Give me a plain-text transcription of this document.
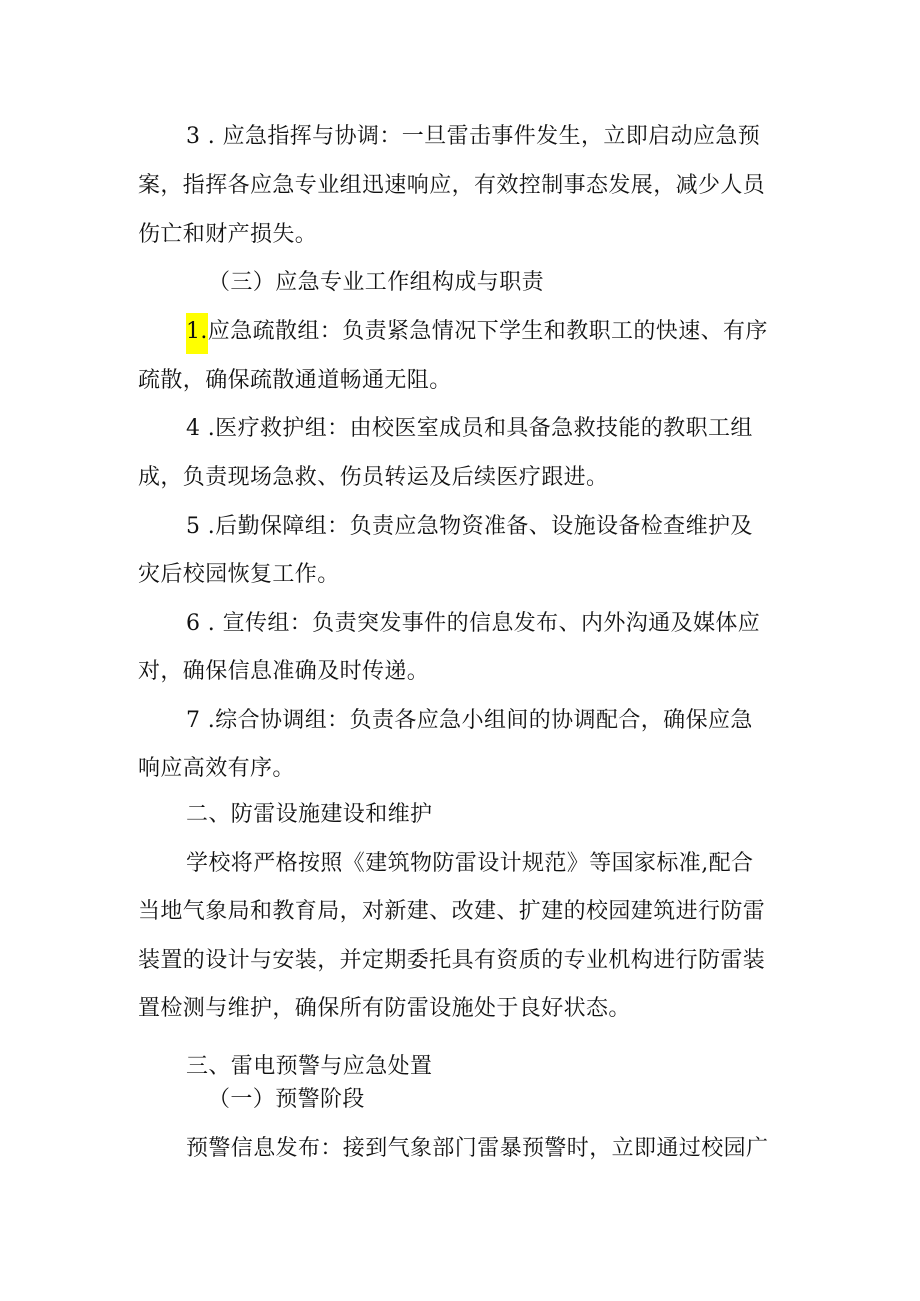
3 . 应急指挥与协调：一旦雷击事件发生，立即启动应急预
案，指挥各应急专业组迅速响应，有效控制事态发展，减少人员
伤亡和财产损失。
（三）应急专业工作组构成与职责
1.应急疏散组：负责紧急情况下学生和教职工的快速、有序
疏散，确保疏散通道畅通无阻。
4 .医疗救护组：由校医室成员和具备急救技能的教职工组
成，负责现场急救、伤员转运及后续医疗跟进。
5 .后勤保障组：负责应急物资准备、设施设备检查维护及
灾后校园恢复工作。
6 . 宣传组：负责突发事件的信息发布、内外沟通及媒体应
对，确保信息准确及时传递。
7 .综合协调组：负责各应急小组间的协调配合，确保应急
响应高效有序。
二、防雷设施建设和维护
学校将严格按照《建筑物防雷设计规范》等国家标准,配合
当地气象局和教育局，对新建、改建、扩建的校园建筑进行防雷
装置的设计与安装，并定期委托具有资质的专业机构进行防雷装
置检测与维护，确保所有防雷设施处于良好状态。
三、雷电预警与应急处置
（一）预警阶段
预警信息发布：接到气象部门雷暴预警时，立即通过校园广
